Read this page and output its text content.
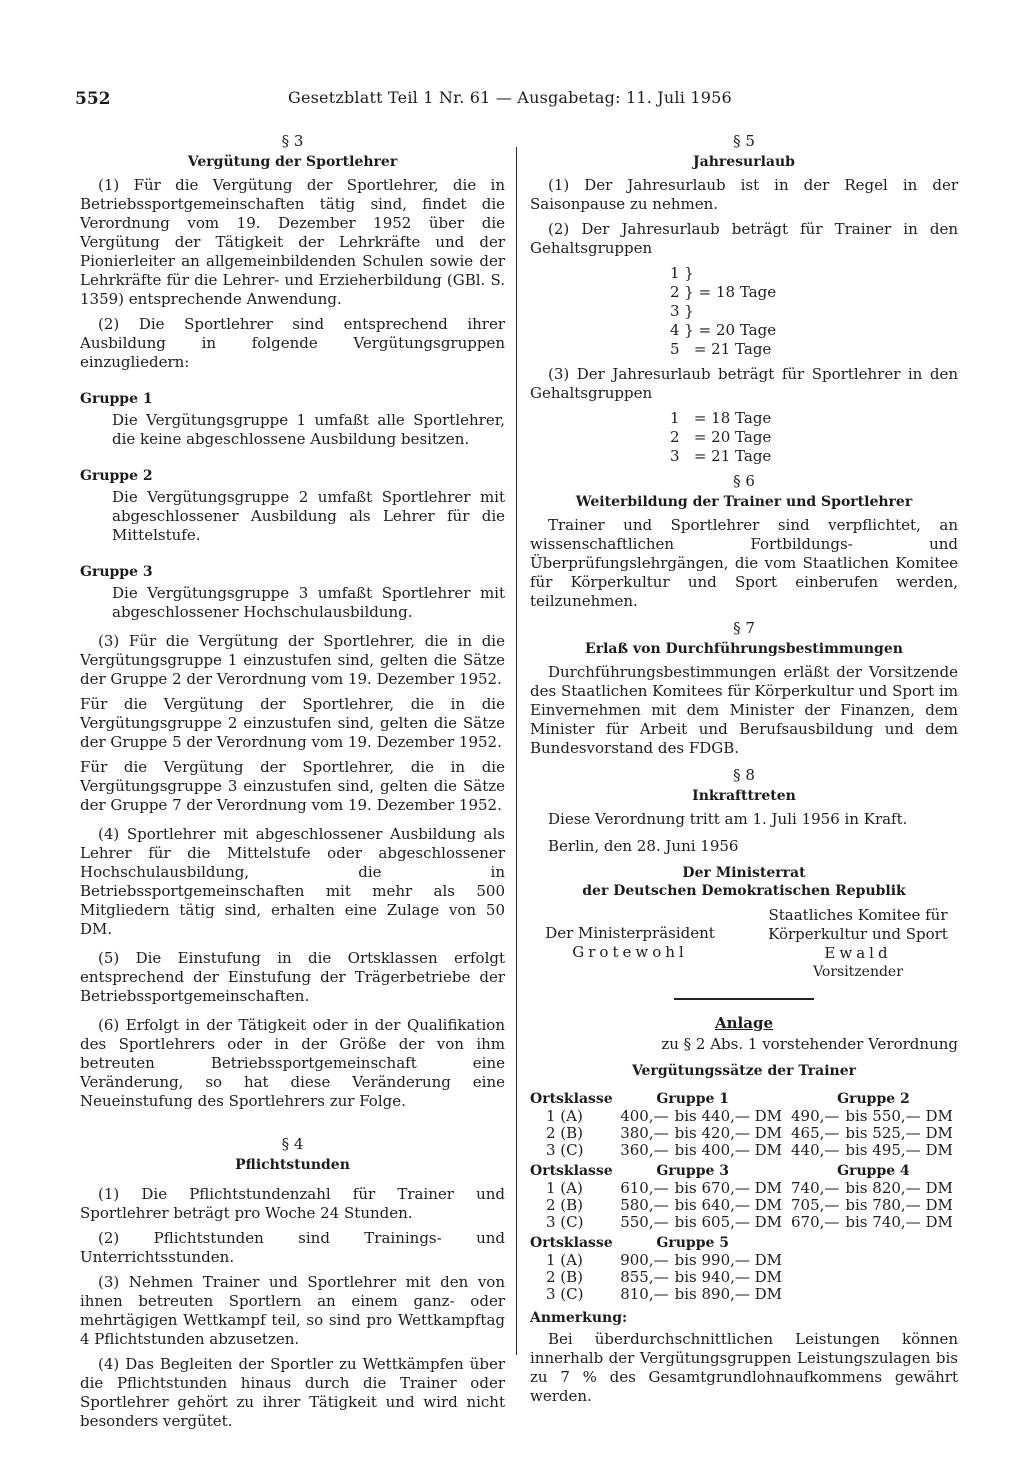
552	Gesetzblatt Teil 1 Nr. 61 — Ausgabetag: 11. Juli 1956

§ 3

Vergütung der Sportlehrer

(1) Für die Vergütung der Sportlehrer, die in Betriebssportgemeinschaften tätig sind, findet die Verordnung vom 19. Dezember 1952 über die Vergütung der Tätigkeit der Lehrkräfte und der Pionierleiter an allgemeinbildenden Schulen sowie der Lehrkräfte für die Lehrer- und Erzieherbildung (GBl. S. 1359) entsprechende Anwendung.

(2) Die Sportlehrer sind entsprechend ihrer Ausbildung in folgende Vergütungsgruppen einzugliedern:

Gruppe 1
Die Vergütungsgruppe 1 umfaßt alle Sportlehrer, die keine abgeschlossene Ausbildung besitzen.
Gruppe 2
Die Vergütungsgruppe 2 umfaßt Sportlehrer mit abgeschlossener Ausbildung als Lehrer für die Mittelstufe.
Gruppe 3
Die Vergütungsgruppe 3 umfaßt Sportlehrer mit abgeschlossener Hochschulausbildung.

(3) Für die Vergütung der Sportlehrer, die in die Vergütungsgruppe 1 einzustufen sind, gelten die Sätze der Gruppe 2 der Verordnung vom 19. Dezember 1952.

Für die Vergütung der Sportlehrer, die in die Vergütungsgruppe 2 einzustufen sind, gelten die Sätze der Gruppe 5 der Verordnung vom 19. Dezember 1952.

Für die Vergütung der Sportlehrer, die in die Vergütungsgruppe 3 einzustufen sind, gelten die Sätze der Gruppe 7 der Verordnung vom 19. Dezember 1952.

(4) Sportlehrer mit abgeschlossener Ausbildung als Lehrer für die Mittelstufe oder abgeschlossener Hochschulausbildung, die in Betriebssportgemeinschaften mit mehr als 500 Mitgliedern tätig sind, erhalten eine Zulage von 50 DM.

(5) Die Einstufung in die Ortsklassen erfolgt entsprechend der Einstufung der Trägerbetriebe der Betriebssportgemeinschaften.

(6) Erfolgt in der Tätigkeit oder in der Qualifikation des Sportlehrers oder in der Größe der von ihm betreuten Betriebssportgemeinschaft eine Veränderung, so hat diese Veränderung eine Neueinstufung des Sportlehrers zur Folge.

§ 4

Pflichtstunden

(1) Die Pflichtstundenzahl für Trainer und Sportlehrer beträgt pro Woche 24 Stunden.

(2) Pflichtstunden sind Trainings- und Unterrichtsstunden.

(3) Nehmen Trainer und Sportlehrer mit den von ihnen betreuten Sportlern an einem ganz- oder mehrtägigen Wettkampf teil, so sind pro Wettkampftag 4 Pflichtstunden abzusetzen.

(4) Das Begleiten der Sportler zu Wettkämpfen über die Pflichtstunden hinaus durch die Trainer oder Sportlehrer gehört zu ihrer Tätigkeit und wird nicht besonders vergütet.

§ 5

Jahresurlaub

(1) Der Jahresurlaub ist in der Regel in der Saisonpause zu nehmen.

(2) Der Jahresurlaub beträgt für Trainer in den Gehaltsgruppen

1 }
2 } = 18 Tage
3 }
4 } = 20 Tage
5   = 21 Tage

(3) Der Jahresurlaub beträgt für Sportlehrer in den Gehaltsgruppen

1   = 18 Tage
2   = 20 Tage
3   = 21 Tage

§ 6

Weiterbildung der Trainer und Sportlehrer

Trainer und Sportlehrer sind verpflichtet, an wissenschaftlichen Fortbildungs- und Überprüfungslehrgängen, die vom Staatlichen Komitee für Körperkultur und Sport einberufen werden, teilzunehmen.

§ 7

Erlaß von Durchführungsbestimmungen

Durchführungsbestimmungen erläßt der Vorsitzende des Staatlichen Komitees für Körperkultur und Sport im Einvernehmen mit dem Minister der Finanzen, dem Minister für Arbeit und Berufsausbildung und dem Bundesvorstand des FDGB.

§ 8

Inkrafttreten

Diese Verordnung tritt am 1. Juli 1956 in Kraft.

Berlin, den 28. Juni 1956

Der Ministerrat

der Deutschen Demokratischen Republik

Der Ministerpräsident
Grotewohl
Staatliches Komitee für
Körperkultur und Sport
Ewald
Vorsitzender

Anlage

zu § 2 Abs. 1 vorstehender Verordnung

Vergütungssätze der Trainer

Ortsklasse	Gruppe 1		Gruppe 2	
1 (A)	400,—	bis 440,— DM	490,—	bis 550,— DM
2 (B)	380,—	bis 420,— DM	465,—	bis 525,— DM
3 (C)	360,—	bis 400,— DM	440,—	bis 495,— DM
Ortsklasse	Gruppe 3		Gruppe 4	
1 (A)	610,—	bis 670,— DM	740,—	bis 820,— DM
2 (B)	580,—	bis 640,— DM	705,—	bis 780,— DM
3 (C)	550,—	bis 605,— DM	670,—	bis 740,— DM
Ortsklasse	Gruppe 5			
1 (A)	900,—	bis 990,— DM		
2 (B)	855,—	bis 940,— DM		
3 (C)	810,—	bis 890,— DM		
Anmerkung:

Bei überdurchschnittlichen Leistungen können innerhalb der Vergütungsgruppen Leistungszulagen bis zu 7 % des Gesamtgrundlohnaufkommens gewährt werden.
